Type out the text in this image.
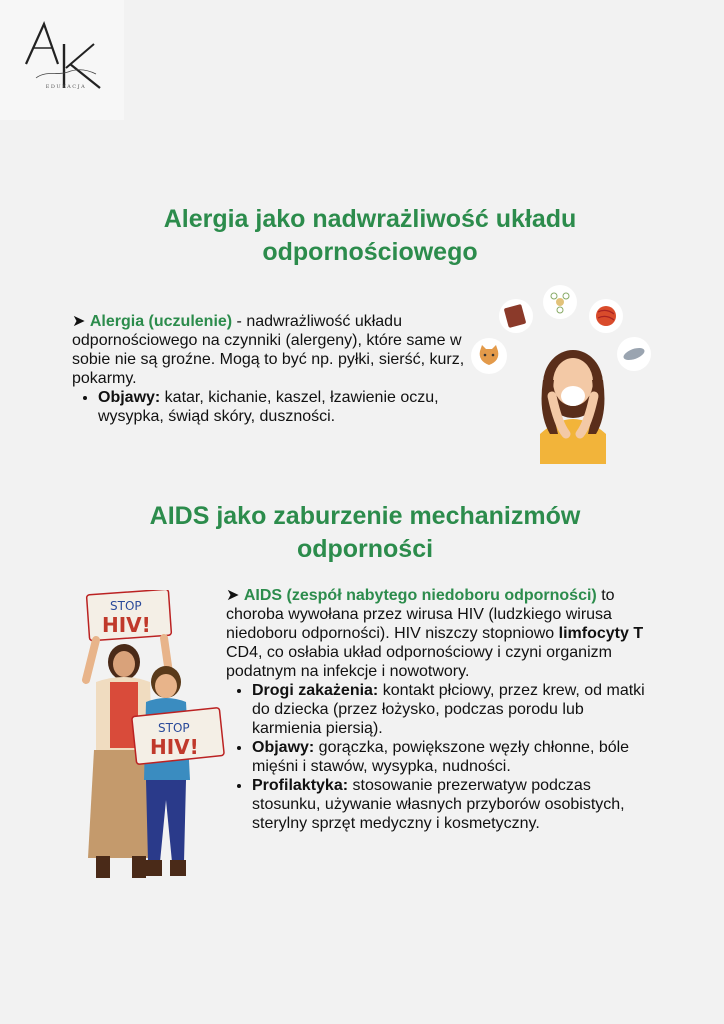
EDUKACJA
Alergia jako nadwrażliwość układu odpornościowego
➤ Alergia (uczulenie) - nadwrażliwość układu odpornościowego na czynniki (alergeny), które same w sobie nie są groźne. Mogą to być np. pyłki, sierść, kurz, pokarmy.
• Objawy: katar, kichanie, kaszel, łzawienie oczu, wysypka, świąd skóry, duszności.
AIDS jako zaburzenie mechanizmów odporności
STOP
HIV!
STOP
HIV!
➤ AIDS (zespół nabytego niedoboru odporności) to choroba wywołana przez wirusa HIV (ludzkiego wirusa niedoboru odporności). HIV niszczy stopniowo limfocyty T CD4, co osłabia układ odpornościowy i czyni organizm podatnym na infekcje i nowotwory.
• Drogi zakażenia: kontakt płciowy, przez krew, od matki do dziecka (przez łożysko, podczas porodu lub karmienia piersią).
• Objawy: gorączka, powiększone węzły chłonne, bóle mięśni i stawów, wysypka, nudności.
• Profilaktyka: stosowanie prezerwatyw podczas stosunku, używanie własnych przyborów osobistych, sterylny sprzęt medyczny i kosmetyczny.
